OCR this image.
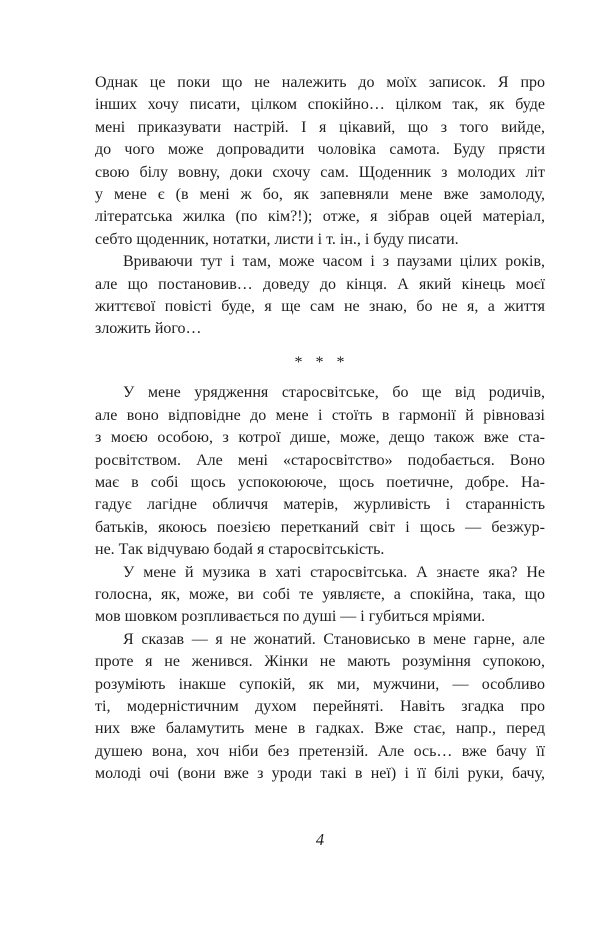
Однак це поки що не належить до моїх записок. Я про
інших хочу писати, цілком спокійно… цілком так, як буде
мені приказувати настрій. І я цікавий, що з того вийде,
до чого може допровадити чоловіка самота. Буду прясти
свою білу вовну, доки схочу сам. Щоденник з молодих літ
у мене є (в мені ж бо, як запевняли мене вже замолоду,
літератська жилка (по кім?!); отже, я зібрав оцей матеріал,
себто щоденник, нотатки, листи і т. ін., і буду писати.
Вриваючи тут і там, може часом і з паузами цілих років,
але що постановив… доведу до кінця. А який кінець моєї
життєвої повісті буде, я ще сам не знаю, бо не я, а життя
зложить його…
* * *
У мене урядження старосвітське, бо ще від родичів,
але воно відповідне до мене і стоїть в гармонії й рівновазі
з моєю особою, з котрої дише, може, дещо також вже ста-
росвітством. Але мені «старосвітство» подобається. Воно
має в собі щось успокоююче, щось поетичне, добре. На-
гадує лагідне обличчя матерів, журливість і старанність
батьків, якоюсь поезією перетканий світ і щось — безжур-
не. Так відчуваю бодай я старосвітськість.
У мене й музика в хаті старосвітська. А знаєте яка? Не
голосна, як, може, ви собі те уявляєте, а спокійна, така, що
мов шовком розпливається по душі — і губиться мріями.
Я сказав — я не жонатий. Становисько в мене гарне, але
проте я не женився. Жінки не мають розуміння супокою,
розуміють інакше супокій, як ми, мужчини, — особливо
ті, модерністичним духом перейняті. Навіть згадка про
них вже баламутить мене в гадках. Вже стає, напр., перед
душею вона, хоч ніби без претензій. Але ось… вже бачу її
молоді очі (вони вже з уроди такі в неї) і її білі руки, бачу,
4
